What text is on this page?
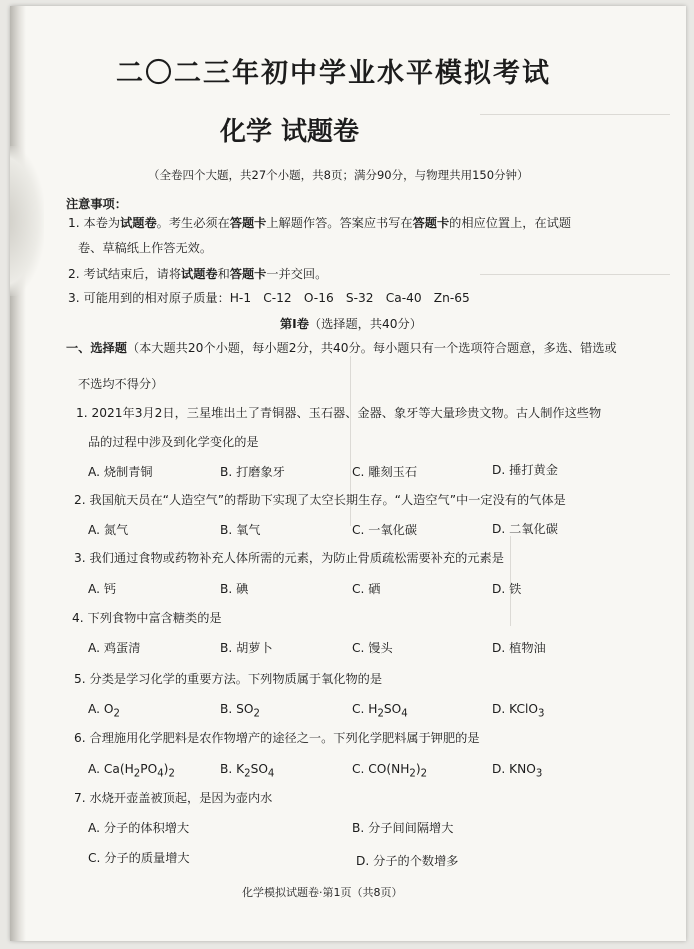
二〇二三年初中学业水平模拟考试
化学 试题卷
（全卷四个大题，共27个小题，共8页；满分90分，与物理共用150分钟）
注意事项：
1. 本卷为试题卷。考生必须在答题卡上解题作答。答案应书写在答题卡的相应位置上，在试题
卷、草稿纸上作答无效。
2. 考试结束后，请将试题卷和答题卡一并交回。
3. 可能用到的相对原子质量：H-1　C-12　O-16　S-32　Ca-40　Zn-65
第Ⅰ卷（选择题，共40分）
一、选择题（本大题共20个小题，每小题2分，共40分。每小题只有一个选项符合题意，多选、错选或
不选均不得分）
1. 2021年3月2日，三星堆出土了青铜器、玉石器、金器、象牙等大量珍贵文物。古人制作这些物
品的过程中涉及到化学变化的是
A. 烧制青铜	B. 打磨象牙	C. 雕刻玉石	D. 捶打黄金
2. 我国航天员在“人造空气”的帮助下实现了太空长期生存。“人造空气”中一定没有的气体是
A. 氮气	B. 氧气	C. 一氧化碳	D. 二氧化碳
3. 我们通过食物或药物补充人体所需的元素，为防止骨质疏松需要补充的元素是
A. 钙	B. 碘	C. 硒	D. 铁
4. 下列食物中富含糖类的是
A. 鸡蛋清	B. 胡萝卜	C. 馒头	D. 植物油
5. 分类是学习化学的重要方法。下列物质属于氧化物的是
A. $O_2$	B. $SO_2$	C. $H_2SO_4$	D. KClO$_3$
6. 合理施用化学肥料是农作物增产的途径之一。下列化学肥料属于钾肥的是
A. $Ca(H_2PO_4)_2$	B. $K_2SO_4$	C. $CO(NH_2)_2$	D. $KNO_3$
7. 水烧开壶盖被顶起，是因为壶内水
A. 分子的体积增大	B. 分子间间隔增大
C. 分子的质量增大	D. 分子的个数增多
化学模拟试题卷·第1页（共8页）
